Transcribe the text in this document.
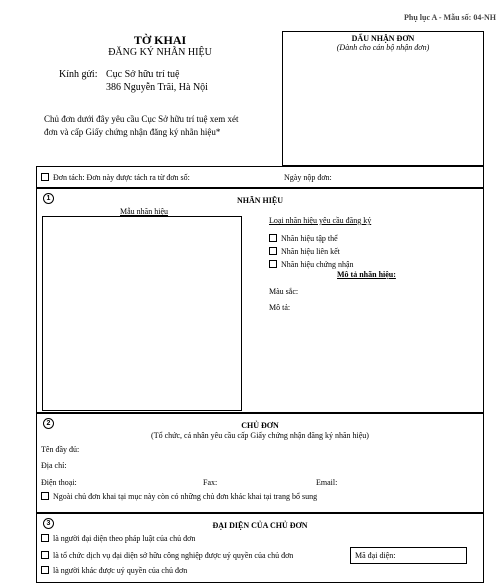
Phụ lục A - Mẫu số: 04-NH
TỜ KHAI
ĐĂNG KÝ NHÃN HIỆU
Kính gửi: Cục Sở hữu trí tuệ
386 Nguyễn Trãi, Hà Nội
Chủ đơn dưới đây yêu cầu Cục Sở hữu trí tuệ xem xét
đơn và cấp Giấy chứng nhận đăng ký nhãn hiệu*
DẤU NHẬN ĐƠN
(Dành cho cán bộ nhận đơn)
Đơn tách: Đơn này được tách ra từ đơn số:	Ngày nộp đơn:
1	NHÃN HIỆU
Mẫu nhãn hiệu
Loại nhãn hiệu yêu cầu đăng ký
Nhãn hiệu tập thể
Nhãn hiệu liên kết
Nhãn hiệu chứng nhận
Mô tả nhãn hiệu:
Màu sắc:
Mô tả:
2	CHỦ ĐƠN
(Tổ chức, cá nhân yêu cầu cấp Giấy chứng nhận đăng ký nhãn hiệu)
Tên đầy đủ:
Địa chỉ:
Điện thoại:	Fax:	Email:
Ngoài chủ đơn khai tại mục này còn có những chủ đơn khác khai tại trang bổ sung
3	ĐẠI DIỆN CỦA CHỦ ĐƠN
là người đại diện theo pháp luật của chủ đơn
là tổ chức dịch vụ đại diện sở hữu công nghiệp được uỷ quyền của chủ đơn
là người khác được uỷ quyền của chủ đơn
Mã đại diện:
